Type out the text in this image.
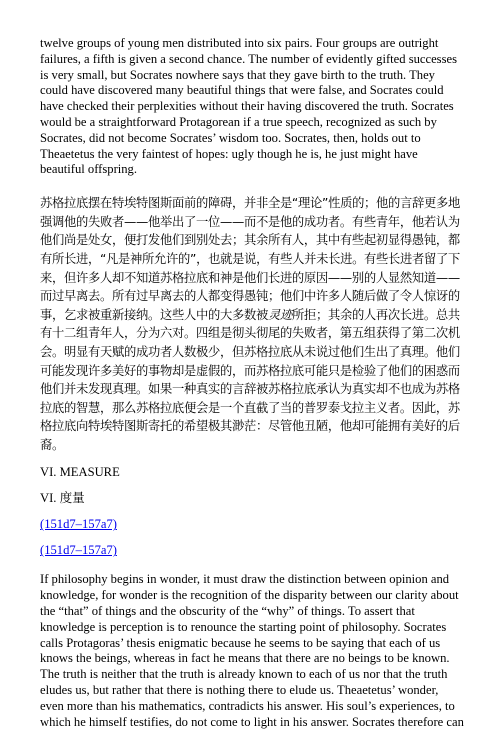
twelve groups of young men distributed into six pairs. Four groups are outright failures, a fifth is given a second chance. The number of evidently gifted successes is very small, but Socrates nowhere says that they gave birth to the truth. They could have discovered many beautiful things that were false, and Socrates could have checked their perplexities without their having discovered the truth. Socrates would be a straightforward Protagorean if a true speech, recognized as such by Socrates, did not become Socrates’ wisdom too. Socrates, then, holds out to Theaetetus the very faintest of hopes: ugly though he is, he just might have beautiful offspring.

苏格拉底摆在特埃特图斯面前的障碍，并非全是“理论”性质的；他的言辞更多地强调他的失败者——他举出了一位——而不是他的成功者。有些青年，他若认为他们尚是处女，便打发他们到别处去；其余所有人，其中有些起初显得愚钝，都有所长进，“凡是神所允许的”，也就是说，有些人并未长进。有些长进者留了下来，但许多人却不知道苏格拉底和神是他们长进的原因——别的人显然知道——而过早离去。所有过早离去的人都变得愚钝；他们中许多人随后做了令人惊讶的事，乞求被重新接纳。这些人中的大多数被灵迹所拒；其余的人再次长进。总共有十二组青年人，分为六对。四组是彻头彻尾的失败者，第五组获得了第二次机会。明显有天赋的成功者人数极少，但苏格拉底从未说过他们生出了真理。他们可能发现许多美好的事物却是虚假的，而苏格拉底可能只是检验了他们的困惑而他们并未发现真理。如果一种真实的言辞被苏格拉底承认为真实却不也成为苏格拉底的智慧，那么苏格拉底便会是一个直截了当的普罗泰戈拉主义者。因此，苏格拉底向特埃特图斯寄托的希望极其渺茫：尽管他丑陋，他却可能拥有美好的后裔。

VI. MEASURE

VI. 度量

(151d7–157a7)

(151d7–157a7)

If philosophy begins in wonder, it must draw the distinction between opinion and knowledge, for wonder is the recognition of the disparity between our clarity about the “that” of things and the obscurity of the “why” of things. To assert that knowledge is perception is to renounce the starting point of philosophy. Socrates calls Protagoras’ thesis enigmatic because he seems to be saying that each of us knows the beings, whereas in fact he means that there are no beings to be known. The truth is neither that the truth is already known to each of us nor that the truth eludes us, but rather that there is nothing there to elude us. Theaetetus’ wonder, even more than his mathematics, contradicts his answer. His soul’s experiences, to which he himself testifies, do not come to light in his answer. Socrates therefore can
